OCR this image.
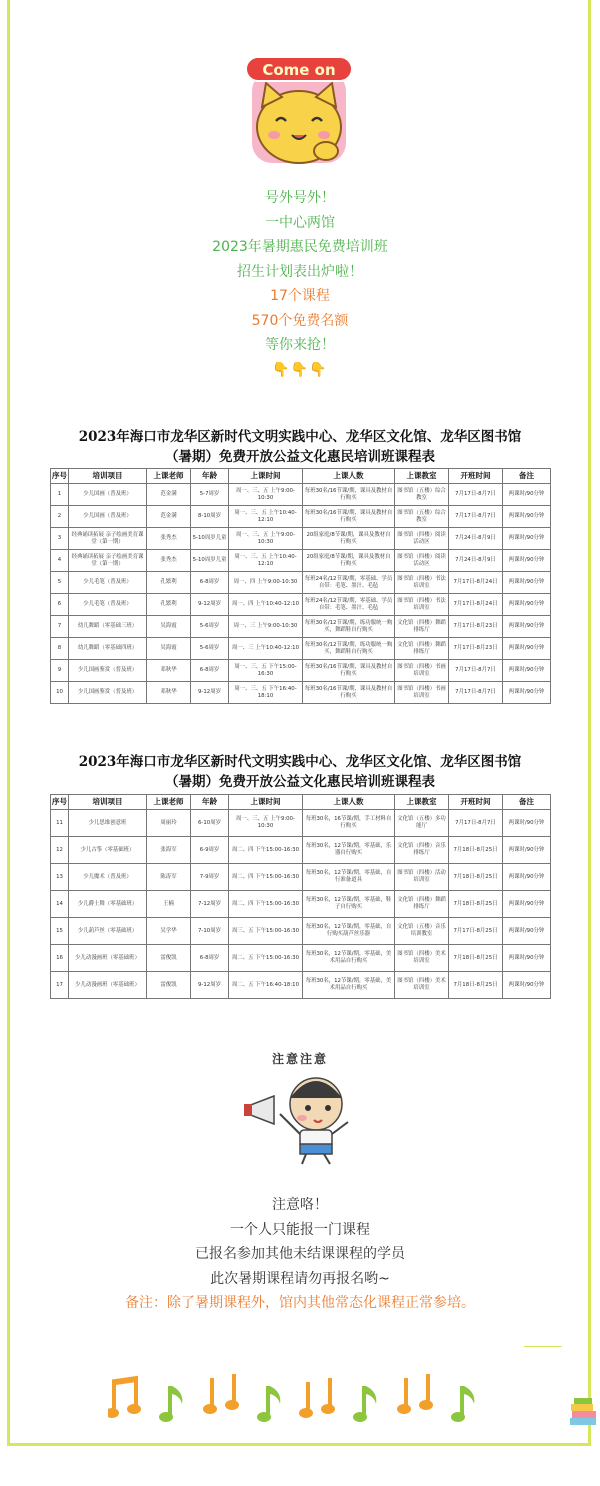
Come on
号外号外！
一中心两馆
2023年暑期惠民免费培训班
招生计划表出炉啦！
17个课程
570个免费名额
等你来抢！
👇👇👇
2023年海口市龙华区新时代文明实践中心、龙华区文化馆、龙华区图书馆
（暑期）免费开放公益文化惠民培训班课程表
序号	培训项目	上课老师	年龄	上课时间	上课人数	上课教室	开班时间	备注
1	少儿国画（普及班）	范金满	5-7周岁	周一、三、五 上午9:00-10:30	每班30名/16节课/期，课具及教材自行购买	图书馆（五楼）综合教室	7月17日-8月7日	两课时/90分钟
2	少儿国画（普及班）	范金满	8-10周岁	周一、三、五 上午10:40-12:10	每班30名/16节课/期，课具及教材自行购买	图书馆（五楼）综合教室	7月17日-8月7日	两课时/90分钟
3	经典诵读拓展 亲子绘画美育课堂（第一期）	张秀杰	5-10周岁儿童	周一、三、五 上午9:00-10:30	20组家庭/8节课/期，课具及教材自行购买	图书馆（四楼）阅读活动区	7月24日-8月9日	两课时/90分钟
4	经典诵读拓展 亲子绘画美育课堂（第一期）	张秀杰	5-10周岁儿童	周一、三、五 上午10:40-12:10	20组家庭/8节课/期，课具及教材自行购买	图书馆（四楼）阅读活动区	7月24日-8月9日	两课时/90分钟
5	少儿毛笔（普及班）	孔繁利	6-8周岁	周一、四 上午9:00-10:30	每班24名/12节课/期，零基础、学员自带：毛笔、墨汁、毛毡	图书馆（四楼）书法培训室	7月17日-8月24日	两课时/90分钟
6	少儿毛笔（普及班）	孔繁利	9-12周岁	周一、四 上午10:40-12:10	每班24名/12节课/期，零基础、学员自带：毛笔、墨汁、毛毡	图书馆（四楼）书法培训室	7月17日-8月24日	两课时/90分钟
7	幼儿舞蹈（零基础三班）	吴海霞	5-6周岁	周一、三 上午9:00-10:30	每班30名/12节课/期，练功服统一购买，舞蹈鞋自行购买	文化馆（四楼）舞蹈排练厅	7月17日-8月23日	两课时/90分钟
8	幼儿舞蹈（零基础四班）	吴海霞	5-6周岁	周一、三 上午10:40-12:10	每班30名/12节课/期，练功服统一购买，舞蹈鞋自行购买	文化馆（四楼）舞蹈排练厅	7月17日-8月23日	两课时/90分钟
9	少儿国画鉴赏（普及班）	邓秋华	6-8周岁	周一、三、五 下午15:00-16:30	每班30名/16节课/期，课具及教材自行购买	图书馆（四楼）书画培训室	7月17日-8月7日	两课时/90分钟
10	少儿国画鉴赏（普及班）	邓秋华	9-12周岁	周一、三、五 下午16:40-18:10	每班30名/16节课/期，课具及教材自行购买	图书馆（四楼）书画培训室	7月17日-8月7日	两课时/90分钟
2023年海口市龙华区新时代文明实践中心、龙华区文化馆、龙华区图书馆
（暑期）免费开放公益文化惠民培训班课程表
序号	培训项目	上课老师	年龄	上课时间	上课人数	上课教室	开班时间	备注
11	少儿思维创意班	周丽玲	6-10周岁	周一、三、五 上午9:00-10:30	每班30名，16节课/期，手工材料自行购买	文化馆（五楼）多功能厅	7月17日-8月7日	两课时/90分钟
12	少儿古筝（零基础班）	张海军	6-9周岁	周二、四 下午15:00-16:30	每班30名，12节课/期，零基础，乐器自行购买	文化馆（四楼）音乐排练厅	7月18日-8月25日	两课时/90分钟
13	少儿魔术（普及班）	陈涛军	7-9周岁	周二、四 下午15:00-16:30	每班30名，12节课/期，零基础，自行准备道具	图书馆（四楼）活动培训室	7月18日-8月25日	两课时/90分钟
14	少儿爵士舞（零基础班）	王楠	7-12周岁	周二、四 下午15:00-16:30	每班30名，12节课/期，零基础，鞋子自行购买	文化馆（四楼）舞蹈排练厅	7月18日-8月25日	两课时/90分钟
15	少儿葫芦丝（零基础班）	吴学华	7-10周岁	周三、五 下午15:00-16:30	每班30名，12节课/期，零基础，自行购买葫芦丝乐器	文化馆（五楼）音乐培训教室	7月17日-8月25日	两课时/90分钟
16	少儿动漫画班（零基础班）	雷俊凯	6-8周岁	周二、五 下午15:00-16:30	每班30名，12节课/期，零基础，美术用品自行购买	图书馆（四楼）美术培训室	7月18日-8月25日	两课时/90分钟
17	少儿动漫画班（零基础班）	雷俊凯	9-12周岁	周二、五 下午16:40-18:10	每班30名，12节课/期，零基础，美术用品自行购买	图书馆（四楼）美术培训室	7月18日-8月25日	两课时/90分钟
注意注意
注意咯！
一个人只能报一门课程
已报名参加其他未结课课程的学员
此次暑期课程请勿再报名哟~
备注：除了暑期课程外，馆内其他常态化课程正常参培。
